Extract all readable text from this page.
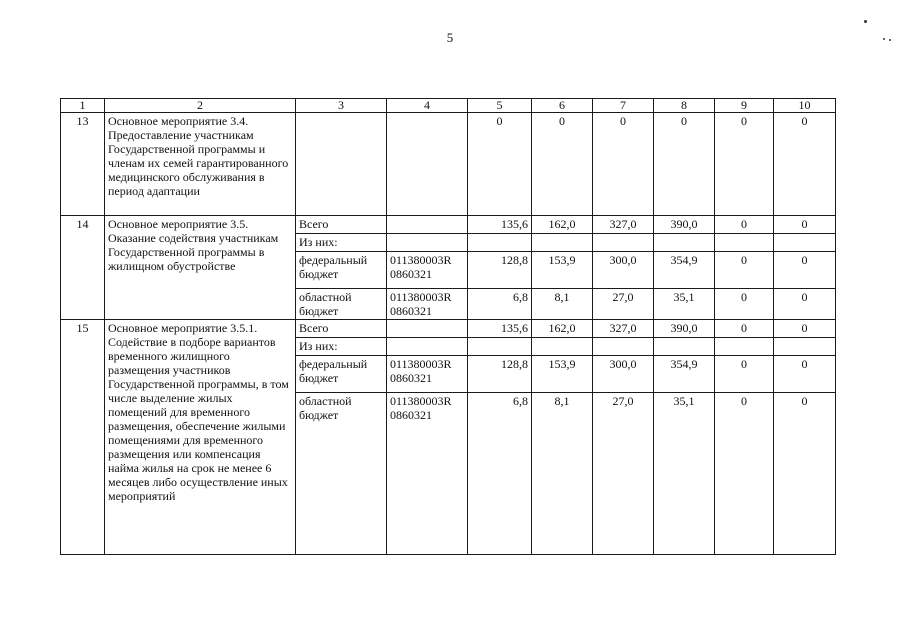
5
1	2	3	4	5	6	7	8	9	10
13	Основное мероприятие 3.4. Предоставление участникам Государственной программы и членам их семей гарантированного медицинского обслуживания в период адаптации			0	0	0	0	0	0
14	Основное мероприятие 3.5. Оказание содействия участникам Государственной программы в жилищном обустройстве	Всего		135,6	162,0	327,0	390,0	0	0
		Из них:							
		федеральный бюджет	011380003R 0860321	128,8	153,9	300,0	354,9	0	0
		областной бюджет	011380003R 0860321	6,8	8,1	27,0	35,1	0	0
15	Основное мероприятие 3.5.1. Содействие в подборе вариантов временного жилищного размещения участников Государственной программы, в том числе выделение жилых помещений для временного размещения, обеспечение жилыми помещениями для временного размещения или компенсация найма жилья на срок не менее 6 месяцев либо осуществление иных мероприятий	Всего		135,6	162,0	327,0	390,0	0	0
		Из них:							
		федеральный бюджет	011380003R 0860321	128,8	153,9	300,0	354,9	0	0
		областной бюджет	011380003R 0860321	6,8	8,1	27,0	35,1	0	0
